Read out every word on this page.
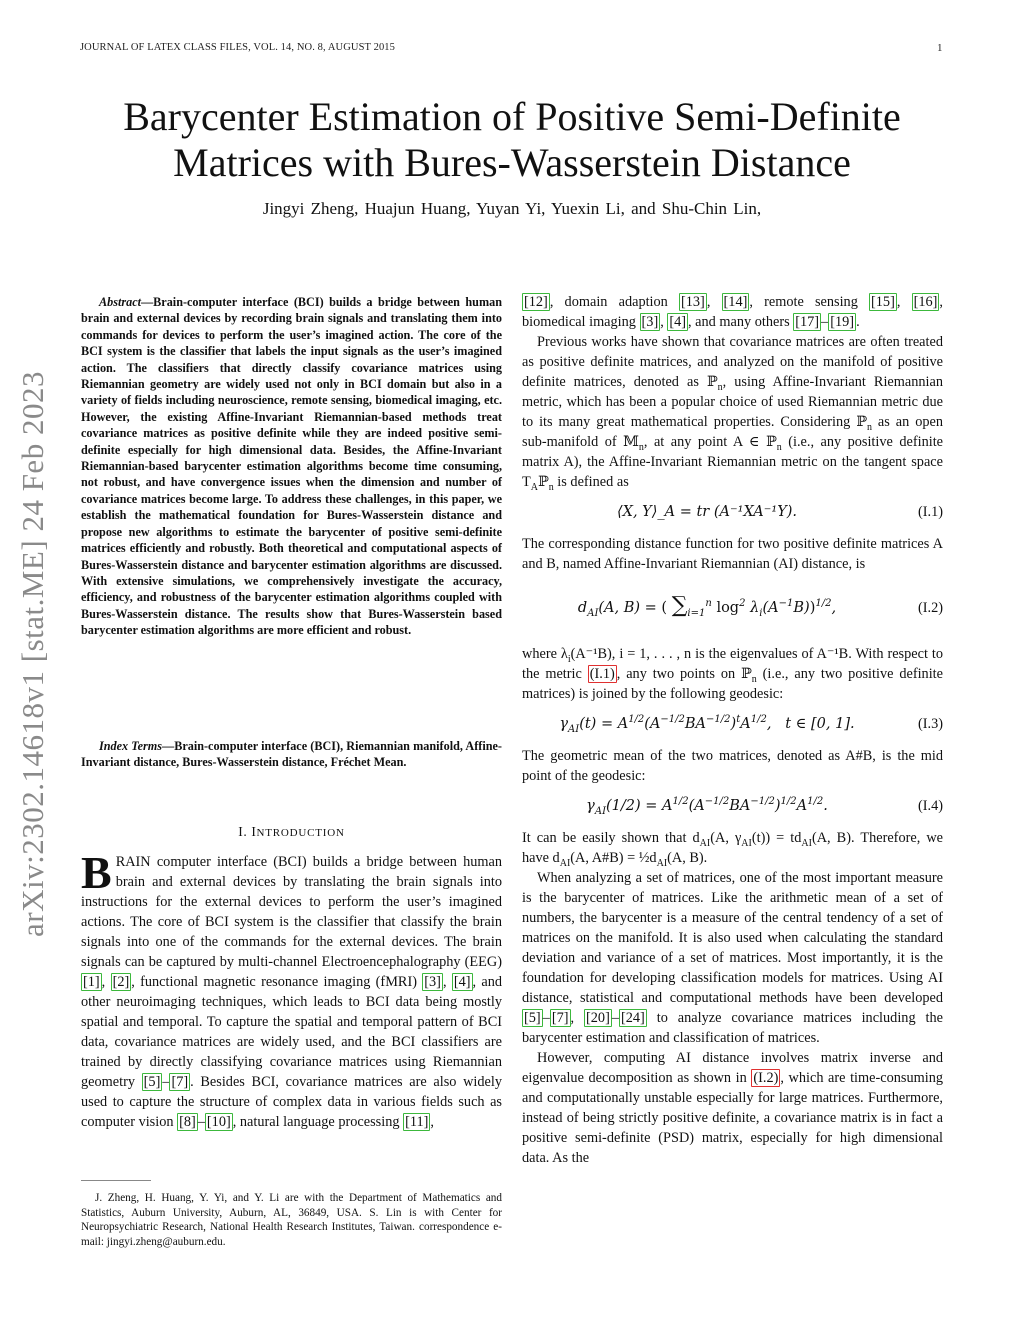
JOURNAL OF LATEX CLASS FILES, VOL. 14, NO. 8, AUGUST 2015	1
Barycenter Estimation of Positive Semi-Definite
Matrices with Bures-Wasserstein Distance
Jingyi Zheng, Huajun Huang, Yuyan Yi, Yuexin Li, and Shu-Chin Lin,
arXiv:2302.14618v1 [stat.ME] 24 Feb 2023
Abstract—Brain-computer interface (BCI) builds a bridge between human brain and external devices by recording brain signals and translating them into commands for devices to perform the user’s imagined action. The core of the BCI system is the classifier that labels the input signals as the user’s imagined action. The classifiers that directly classify covariance matrices using Riemannian geometry are widely used not only in BCI domain but also in a variety of fields including neuroscience, remote sensing, biomedical imaging, etc. However, the existing Affine-Invariant Riemannian-based methods treat covariance matrices as positive definite while they are indeed positive semi-definite especially for high dimensional data. Besides, the Affine-Invariant Riemannian-based barycenter estimation algorithms become time consuming, not robust, and have convergence issues when the dimension and number of covariance matrices become large. To address these challenges, in this paper, we establish the mathematical foundation for Bures-Wasserstein distance and propose new algorithms to estimate the barycenter of positive semi-definite matrices efficiently and robustly. Both theoretical and computational aspects of Bures-Wasserstein distance and barycenter estimation algorithms are discussed. With extensive simulations, we comprehensively investigate the accuracy, efficiency, and robustness of the barycenter estimation algorithms coupled with Bures-Wasserstein distance. The results show that Bures-Wasserstein based barycenter estimation algorithms are more efficient and robust.
Index Terms—Brain-computer interface (BCI), Riemannian manifold, Affine-Invariant distance, Bures-Wasserstein distance, Fréchet Mean.
I. INTRODUCTION
BRAIN computer interface (BCI) builds a bridge between human brain and external devices by translating the brain signals into instructions for the external devices to perform the user’s imagined actions. The core of BCI system is the classifier that classify the brain signals into one of the commands for the external devices. The brain signals can be captured by multi-channel Electroencephalography (EEG) [1] , [2] , functional magnetic resonance imaging (fMRI) [3] , [4] , and other neuroimaging techniques, which leads to BCI data being mostly spatial and temporal. To capture the spatial and temporal pattern of BCI data, covariance matrices are widely used, and the BCI classifiers are trained by directly classifying covariance matrices using Riemannian geometry [5] – [7] . Besides BCI, covariance matrices are also widely used to capture the structure of complex data in various fields such as computer vision [8] – [10] , natural language processing [11] ,
J. Zheng, H. Huang, Y. Yi, and Y. Li are with the Department of Mathematics and Statistics, Auburn University, Auburn, AL, 36849, USA. S. Lin is with Center for Neuropsychiatric Research, National Health Research Institutes, Taiwan. correspondence e-mail: jingyi.zheng@auburn.edu.

[12] , domain adaption [13] , [14] , remote sensing [15] , [16] , biomedical imaging [3] , [4] , and many others [17] – [19] .

Previous works have shown that covariance matrices are often treated as positive definite matrices, and analyzed on the manifold of positive definite matrices, denoted as ℙ$_n$, using Affine-Invariant Riemannian metric, which has been a popular choice of used Riemannian metric due to its many great mathematical properties. Considering ℙ$_n$ as an open sub-manifold of 𝕄$_n$, at any point A ∈ ℙ$_n$ (i.e., any positive definite matrix A), the Affine-Invariant Riemannian metric on the tangent space $T_Aℙ_n$ is defined as

⟨X, Y⟩_A = tr (A⁻¹XA⁻¹Y).	(I.1)

The corresponding distance function for two positive definite matrices A and B, named Affine-Invariant Riemannian (AI) distance, is

$d_{AI}(A$, B) = ( $\sum_{i=1}^n$ $\log^2 \lambda_i(A^{-1}B))^{1/2}$,	(I.2)

where $\lambda_i(A^{-1}B)$, i = 1, . . . , n is the eigenvalues of A⁻¹B. With respect to the metric (I.1) , any two points on ℙ$_n$ (i.e., any two positive definite matrices) is joined by the following geodesic:

$\gamma_{AI}(t) = A^{1/2}(A^{-1/2}BA^{-1/2})^tA^{1/2}$,   t ∈ [0, 1].	(I.3)

The geometric mean of the two matrices, denoted as A#B, is the mid point of the geodesic:

$\gamma_{AI}(1/2) = A^{1/2}(A^{-1/2}BA^{-1/2})^{1/2}A^{1/2}$.	(I.4)

It can be easily shown that $d_{AI}(A$, $\gamma_{AI}(t)) = td_{AI}(A$, B). Therefore, we have $d_{AI}(A$, A#B) = $\frac{1}{2}d_{AI}(A$, B).

When analyzing a set of matrices, one of the most important measure is the barycenter of matrices. Like the arithmetic mean of a set of numbers, the barycenter is a measure of the central tendency of a set of matrices on the manifold. It is also used when calculating the standard deviation and variance of a set of matrices. Most importantly, it is the foundation for developing classification models for matrices. Using AI distance, statistical and computational methods have been developed [5] – [7] , [20] – [24] to analyze covariance matrices including the barycenter estimation and classification of matrices.

However, computing AI distance involves matrix inverse and eigenvalue decomposition as shown in (I.2) , which are time-consuming and computationally unstable especially for large matrices. Furthermore, instead of being strictly positive definite, a covariance matrix is in fact a positive semi-definite (PSD) matrix, especially for high dimensional data. As the
